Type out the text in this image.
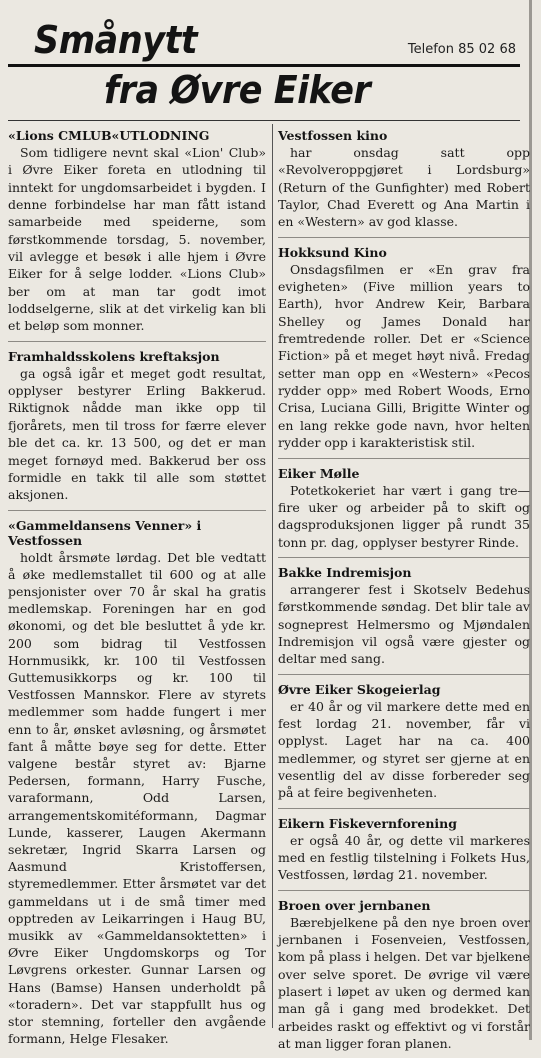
Smånytt	Telefon 85 02 68
fra Øvre Eiker
«Lions CMLUB«UTLODNING

Som tidligere nevnt skal «Lion' Club» i Øvre Eiker foreta en utlodning til inntekt for ungdomsarbeidet i bygden. I denne forbindelse har man fått istand samarbeide med speiderne, som førstkommende torsdag, 5. november, vil avlegge et besøk i alle hjem i Øvre Eiker for å selge lodder. «Lions Club» ber om at man tar godt imot loddselgerne, slik at det virkelig kan bli et beløp som monner.

Framhaldsskolens kreftaksjon

ga også igår et meget godt resultat, opplyser bestyrer Erling Bakkerud. Riktignok nådde man ikke opp til fjorårets, men til tross for færre elever ble det ca. kr. 13 500, og det er man meget fornøyd med. Bakkerud ber oss formidle en takk til alle som støttet aksjonen.

«Gammeldansens Venner» i Vestfossen

holdt årsmøte lørdag. Det ble vedtatt å øke medlemstallet til 600 og at alle pensjonister over 70 år skal ha gratis medlemskap. Foreningen har en god økonomi, og det ble besluttet å yde kr. 200 som bidrag til Vestfossen Hornmusikk, kr. 100 til Vestfossen Guttemusikkorps og kr. 100 til Vestfossen Mannskor. Flere av styrets medlemmer som hadde fungert i mer enn to år, ønsket avløsning, og årsmøtet fant å måtte bøye seg for dette. Etter valgene består styret av: Bjarne Pedersen, formann, Harry Fusche, varaformann, Odd Larsen, arrangementskomitéformann, Dagmar Lunde, kasserer, Laugen Akermann sekretær, Ingrid Skarra Larsen og Aasmund Kristoffersen, styremedlemmer. Etter årsmøtet var det gammeldans ut i de små timer med opptreden av Leikarringen i Haug BU, musikk av «Gammeldansoktetten» i Øvre Eiker Ungdomskorps og Tor Løvgrens orkester. Gunnar Larsen og Hans (Bamse) Hansen underholdt på «toradern». Det var stappfullt hus og stor stemning, forteller den avgående formann, Helge Flesaker.

Vestfossen kino

har onsdag satt opp «Revolveroppgjøret i Lordsburg» (Return of the Gunfighter) med Robert Taylor, Chad Everett og Ana Martin i en «Western» av god klasse.

Hokksund Kino

Onsdagsfilmen er «En grav fra evigheten» (Five million years to Earth), hvor Andrew Keir, Barbara Shelley og James Donald har fremtredende roller. Det er «Science Fiction» på et meget høyt nivå. Fredag setter man opp en «Western» «Pecos rydder opp» med Robert Woods, Erno Crisa, Luciana Gilli, Brigitte Winter og en lang rekke gode navn, hvor helten rydder opp i karakteristisk stil.

Eiker Mølle

Potetkokeriet har vært i gang tre—fire uker og arbeider på to skift og dagsproduksjonen ligger på rundt 35 tonn pr. dag, opplyser bestyrer Rinde.

Bakke Indremisjon

arrangerer fest i Skotselv Bedehus førstkommende søndag. Det blir tale av sogneprest Helmersmo og Mjøndalen Indremisjon vil også være gjester og deltar med sang.

Øvre Eiker Skogeierlag

er 40 år og vil markere dette med en fest lordag 21. november, får vi opplyst. Laget har na ca. 400 medlemmer, og styret ser gjerne at en vesentlig del av disse forbereder seg på at feire begivenheten.

Eikern Fiskevernforening

er også 40 år, og dette vil markeres med en festlig tilstelning i Folkets Hus, Vestfossen, lørdag 21. november.

Broen over jernbanen

Bærebjelkene på den nye broen over jernbanen i Fosenveien, Vestfossen, kom på plass i helgen. Det var bjelkene over selve sporet. De øvrige vil være plasert i løpet av uken og dermed kan man gå i gang med brodekket. Det arbeides raskt og effektivt og vi forstår at man ligger foran planen.
